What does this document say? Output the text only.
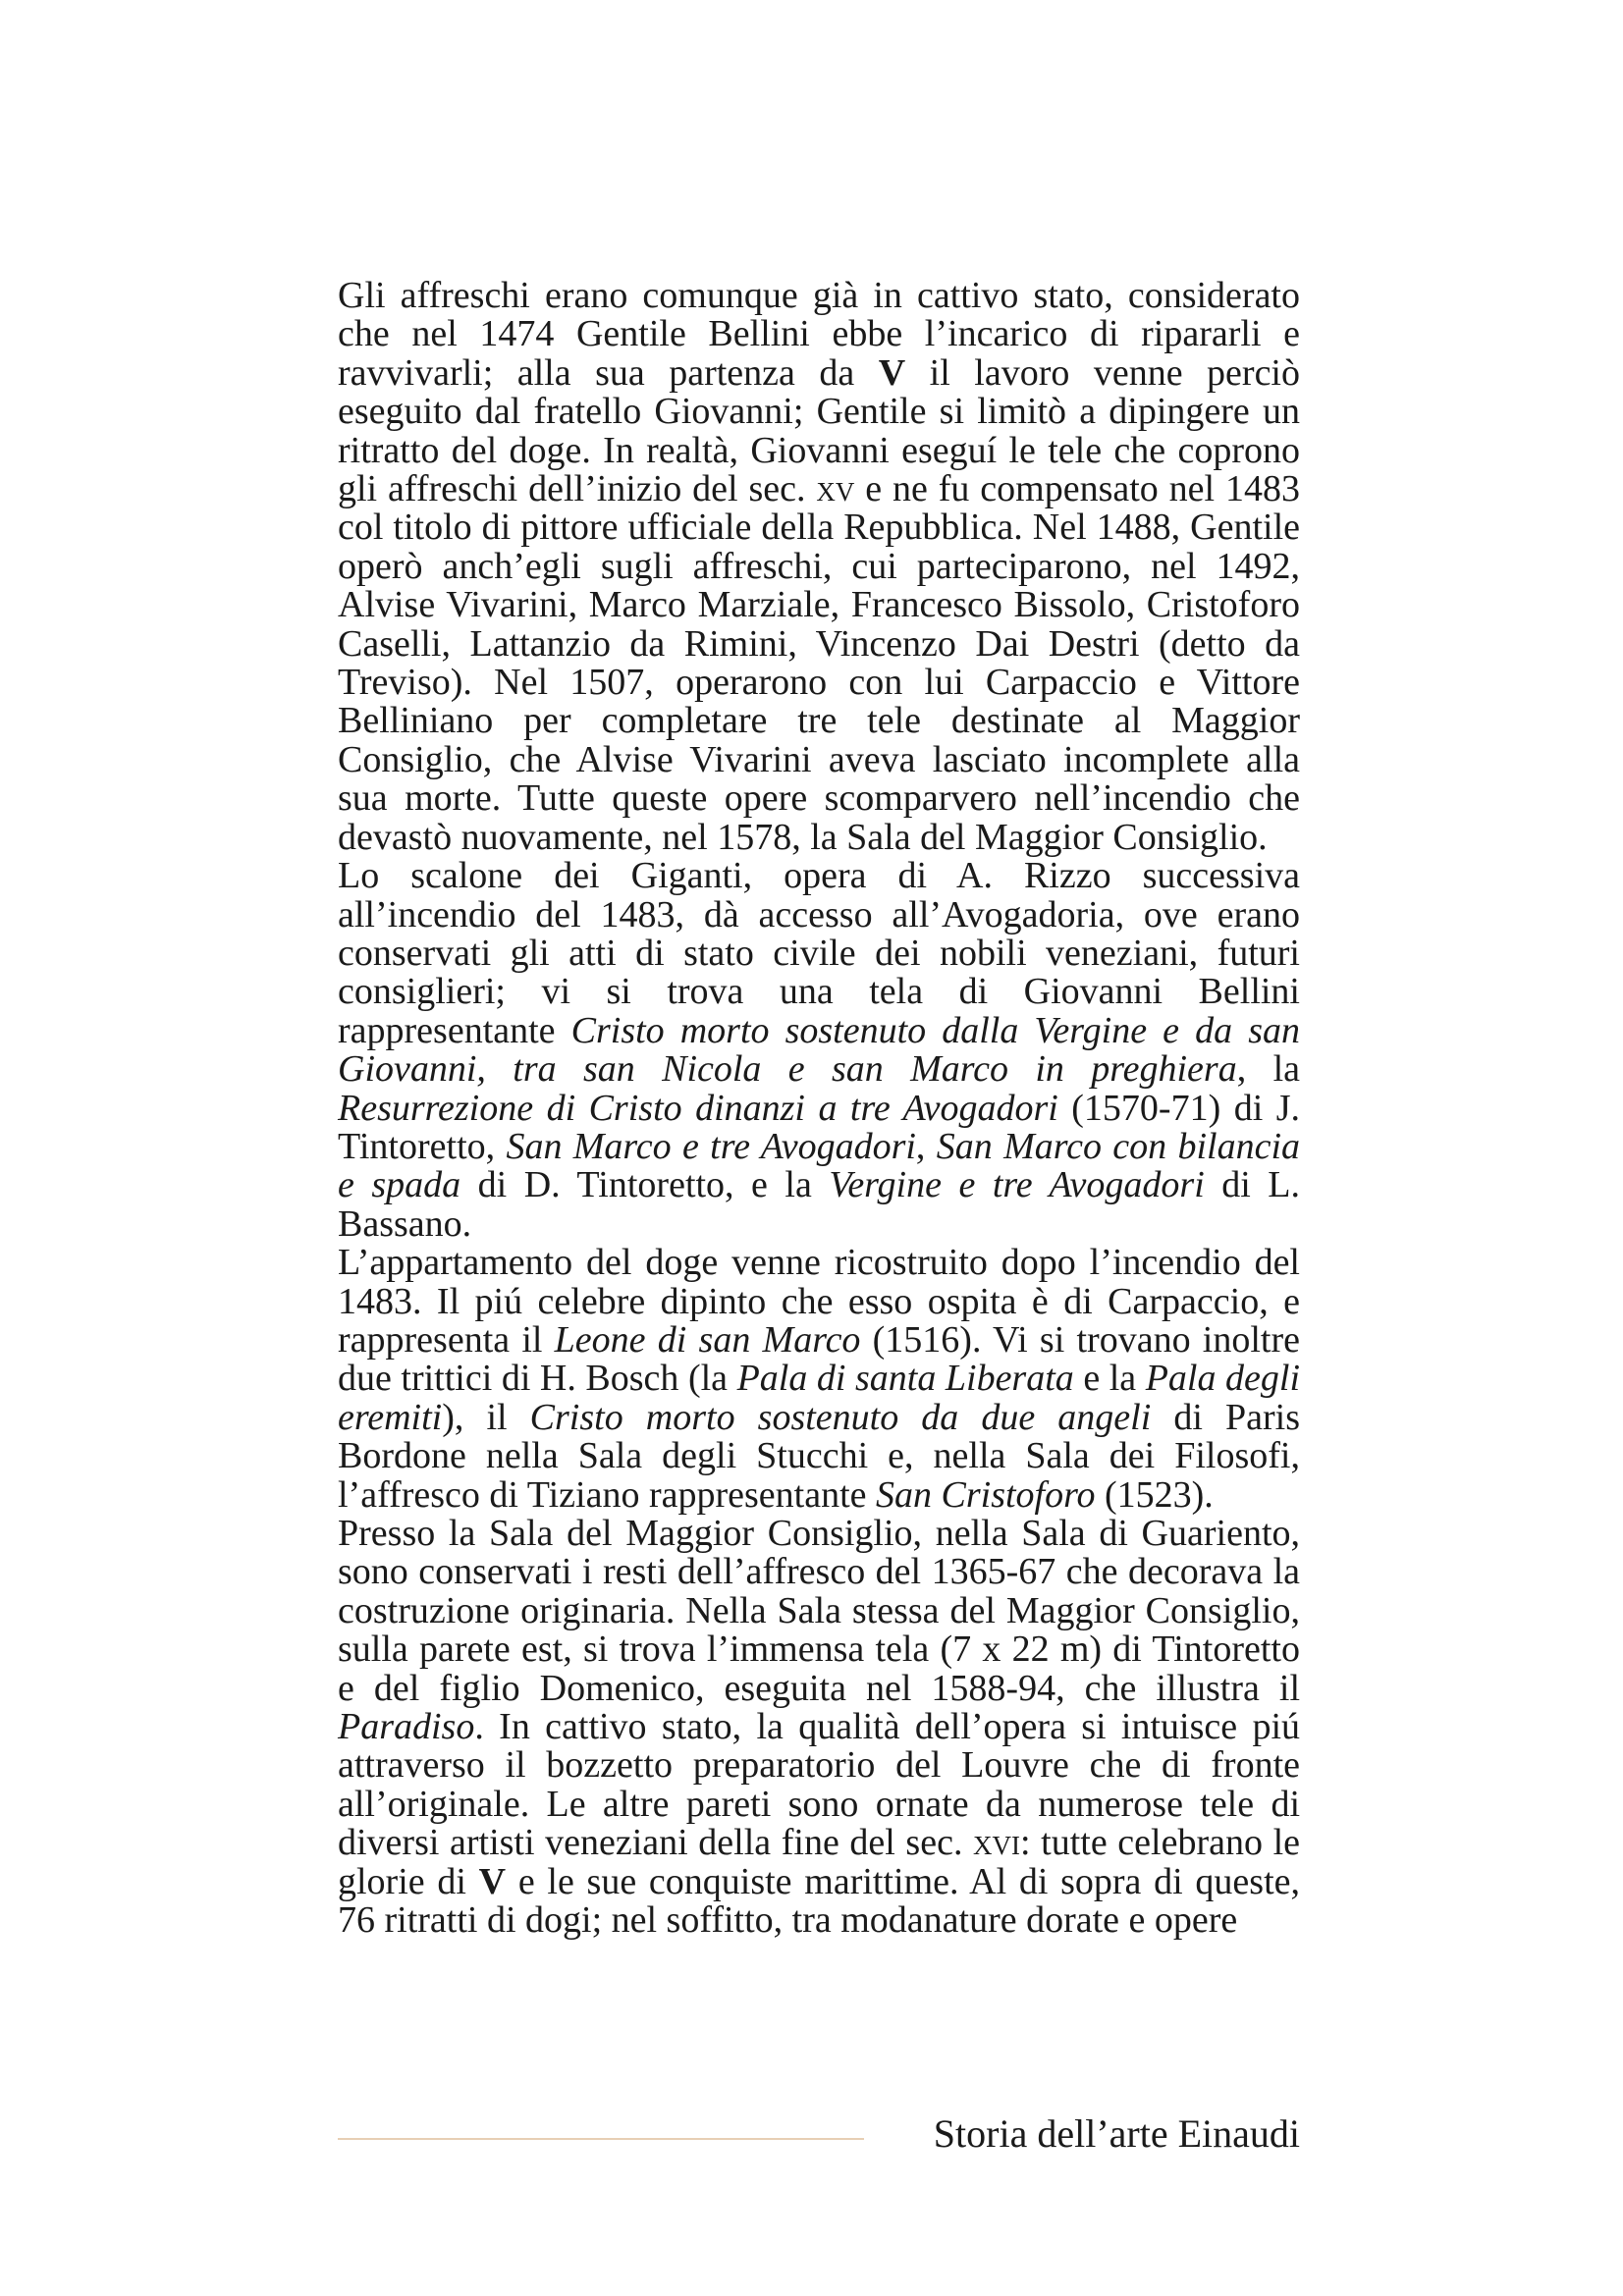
Gli affreschi erano comunque già in cattivo stato, considerato che nel 1474 Gentile Bellini ebbe l’incarico di ripararli e ravvivarli; alla sua partenza da V il lavoro venne perciò eseguito dal fratello Giovanni; Gentile si limitò a dipingere un ritratto del doge. In realtà, Giovanni eseguí le tele che coprono gli affreschi dell’inizio del sec. xv e ne fu compensato nel 1483 col titolo di pittore ufficiale della Repubblica. Nel 1488, Gentile operò anch’egli sugli affreschi, cui parteciparono, nel 1492, Alvise Vivarini, Marco Marziale, Francesco Bissolo, Cristoforo Caselli, Lattanzio da Rimini, Vincenzo Dai Destri (detto da Treviso). Nel 1507, operarono con lui Carpaccio e Vittore Belliniano per completare tre tele destinate al Maggior Consiglio, che Alvise Vivarini aveva lasciato incomplete alla sua morte. Tutte queste opere scomparvero nell’incendio che devastò nuovamente, nel 1578, la Sala del Maggior Consiglio.

Lo scalone dei Giganti, opera di A. Rizzo successiva all’incendio del 1483, dà accesso all’Avogadoria, ove erano conservati gli atti di stato civile dei nobili veneziani, futuri consiglieri; vi si trova una tela di Giovanni Bellini rappresentante Cristo morto sostenuto dalla Vergine e da san Giovanni, tra san Nicola e san Marco in preghiera, la Resurrezione di Cristo dinanzi a tre Avogadori (1570-71) di J. Tintoretto, San Marco e tre Avogadori, San Marco con bilancia e spada di D. Tintoretto, e la Vergine e tre Avogadori di L. Bassano.

L’appartamento del doge venne ricostruito dopo l’incendio del 1483. Il piú celebre dipinto che esso ospita è di Carpaccio, e rappresenta il Leone di san Marco (1516). Vi si trovano inoltre due trittici di H. Bosch (la Pala di santa Liberata e la Pala degli eremiti), il Cristo morto sostenuto da due angeli di Paris Bordone nella Sala degli Stucchi e, nella Sala dei Filosofi, l’affresco di Tiziano rappresentante San Cristoforo (1523).

Presso la Sala del Maggior Consiglio, nella Sala di Guariento, sono conservati i resti dell’affresco del 1365-67 che decorava la costruzione originaria. Nella Sala stessa del Maggior Consiglio, sulla parete est, si trova l’immensa tela (7 x 22 m) di Tintoretto e del figlio Domenico, eseguita nel 1588-94, che illustra il Paradiso. In cattivo stato, la qualità dell’opera si intuisce piú attraverso il bozzetto preparatorio del Louvre che di fronte all’originale. Le altre pareti sono ornate da numerose tele di diversi artisti veneziani della fine del sec. xvi: tutte celebrano le glorie di V e le sue conquiste marittime. Al di sopra di queste, 76 ritratti di dogi; nel soffitto, tra modanature dorate e opere

Storia dell’arte Einaudi
